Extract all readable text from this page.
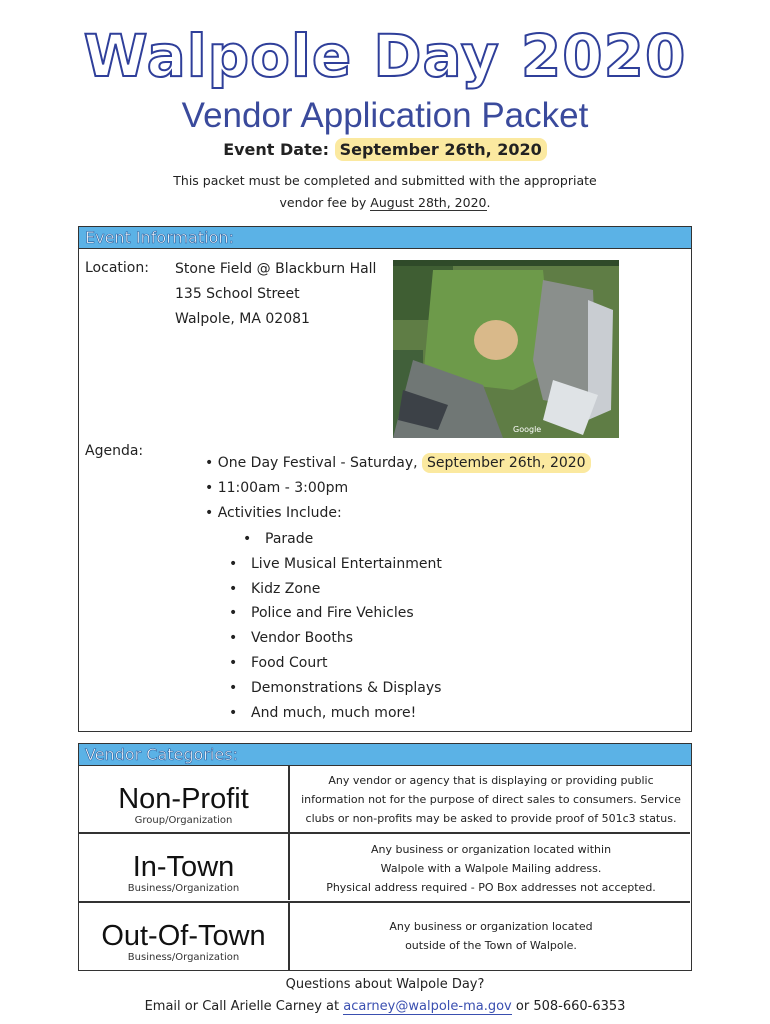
Walpole Day 2020
Vendor Application Packet
Event Date: September 26th, 2020
This packet must be completed and submitted with the appropriate
vendor fee by August 28th, 2020.
Event Information:
Location: Stone Field @ Blackburn Hall
135 School Street
Walpole, MA 02081
Google
Agenda:
• One Day Festival - Saturday, September 26th, 2020
• 11:00am - 3:00pm
• Activities Include:
• Parade
• Live Musical Entertainment
• Kidz Zone
• Police and Fire Vehicles
• Vendor Booths
• Food Court
• Demonstrations & Displays
• And much, much more!
Vendor Categories:
Non-Profit
Group/Organization
Any vendor or agency that is displaying or providing public
information not for the purpose of direct sales to consumers. Service
clubs or non-profits may be asked to provide proof of 501c3 status.
In-Town
Business/Organization
Any business or organization located within
Walpole with a Walpole Mailing address.
Physical address required - PO Box addresses not accepted.
Out-Of-Town
Business/Organization
Any business or organization located
outside of the Town of Walpole.
Questions about Walpole Day?
Email or Call Arielle Carney at acarney@walpole-ma.gov or 508-660-6353
